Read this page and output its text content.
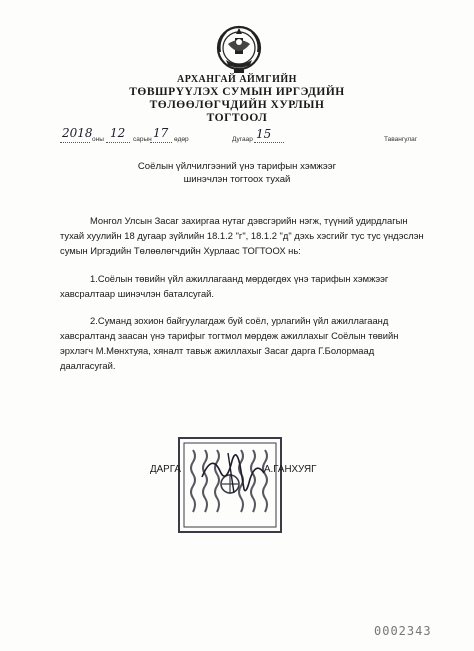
АРХАНГАЙ АЙМГИЙН
ТӨВШРҮҮЛЭХ СУМЫН ИРГЭДИЙН
ТӨЛӨӨЛӨГЧДИЙН ХУРЛЫН
ТОГТООЛ
2018 оны 12 сарын 17 өдөр	Дугаар 15	Тавангулаг
Соёлын үйлчилгээний үнэ тарифын хэмжээг
шинэчлэн тогтоох тухай
Монгол Улсын Засаг захиргаа нутаг дэвсгэрийн нэгж, түүний удирдлагын
тухай хуулийн 18 дугаар зүйлийн 18.1.2 "г", 18.1.2 "д" дэхь хэсгийг тус тус үндэслэн
сумын Иргэдийн Төлөөлөгчдийн Хурлаас ТОГТООХ нь:
1.Соёлын төвийн үйл ажиллагаанд мөрдөгдөх үнэ тарифын хэмжээг
хавсралтаар шинэчлэн баталсугай.
2.Суманд зохион байгуулагдаж буй соёл, урлагийн үйл ажиллагаанд
хавсралтанд заасан үнэ тарифыг тогтмол мөрдөж ажиллахыг Соёлын төвийн
эрхлэгч М.Мөнхтуяа, хяналт тавьж ажиллахыг Засаг дарга Г.Болормаад
даалгасугай.
ДАРГА	А.ГАНХУЯГ
0002343
